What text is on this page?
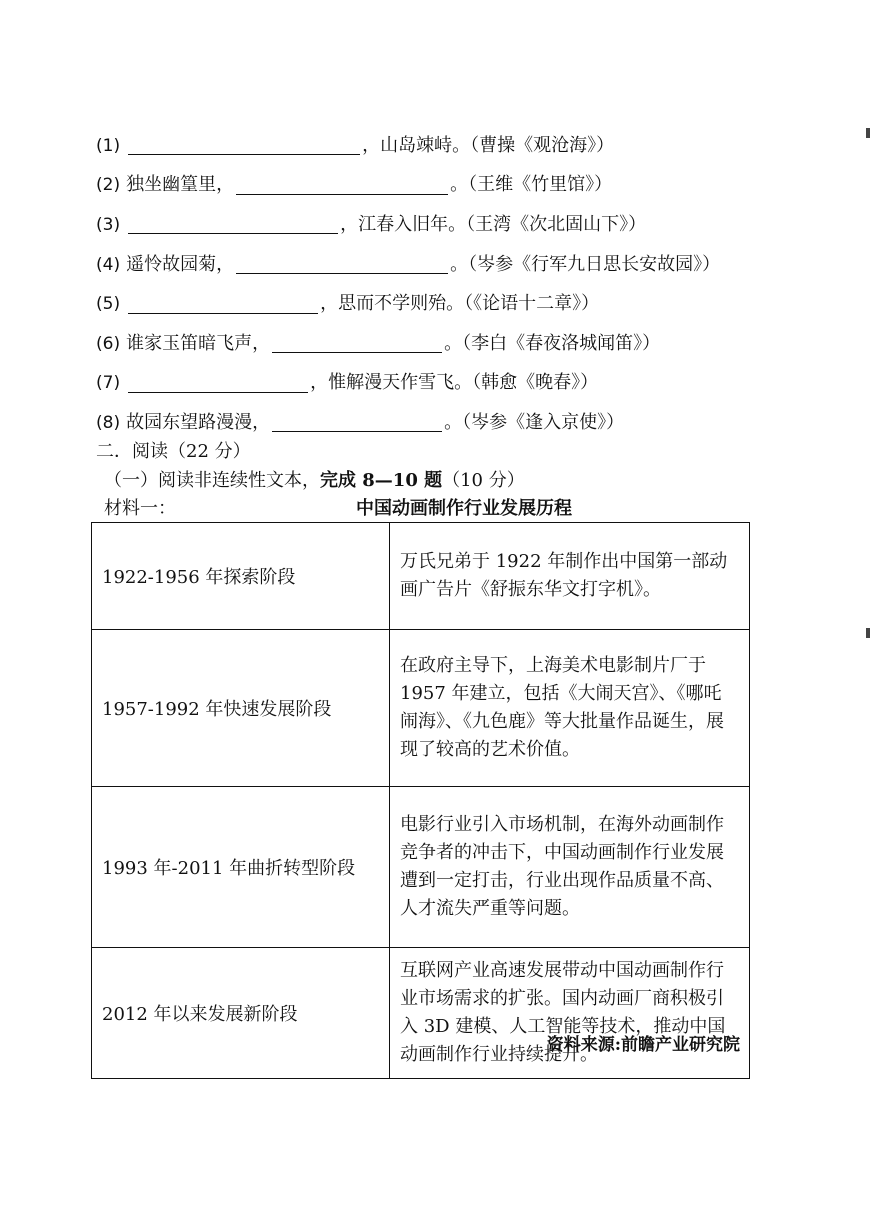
(1)	，山岛竦峙。（曹操《观沧海》）
(2) 独坐幽篁里，	。（王维《竹里馆》）
(3)	，江春入旧年。（王湾《次北固山下》）
(4) 遥怜故园菊，	。（岑参《行军九日思长安故园》）
(5)	，思而不学则殆。（《论语十二章》）
(6) 谁家玉笛暗飞声，	。（李白《春夜洛城闻笛》）
(7)	，惟解漫天作雪飞。（韩愈《晚春》）
(8) 故园东望路漫漫，	。（岑参《逢入京使》）
二．阅读（22 分）
（一）阅读非连续性文本，完成 8—10 题（10 分）
材料一：	中国动画制作行业发展历程
1922-1956 年探索阶段	万氏兄弟于 1922 年制作出中国第一部动画广告片《舒振东华文打字机》。
1957-1992 年快速发展阶段	在政府主导下，上海美术电影制片厂于 1957 年建立，包括《大闹天宫》、《哪吒闹海》、《九色鹿》等大批量作品诞生，展现了较高的艺术价值。
1993 年-2011 年曲折转型阶段	电影行业引入市场机制，在海外动画制作竞争者的冲击下，中国动画制作行业发展遭到一定打击，行业出现作品质量不高、人才流失严重等问题。
2012 年以来发展新阶段	互联网产业高速发展带动中国动画制作行业市场需求的扩张。国内动画厂商积极引入 3D 建模、人工智能等技术，推动中国动画制作行业持续提升。
资料来源:前瞻产业研究院
